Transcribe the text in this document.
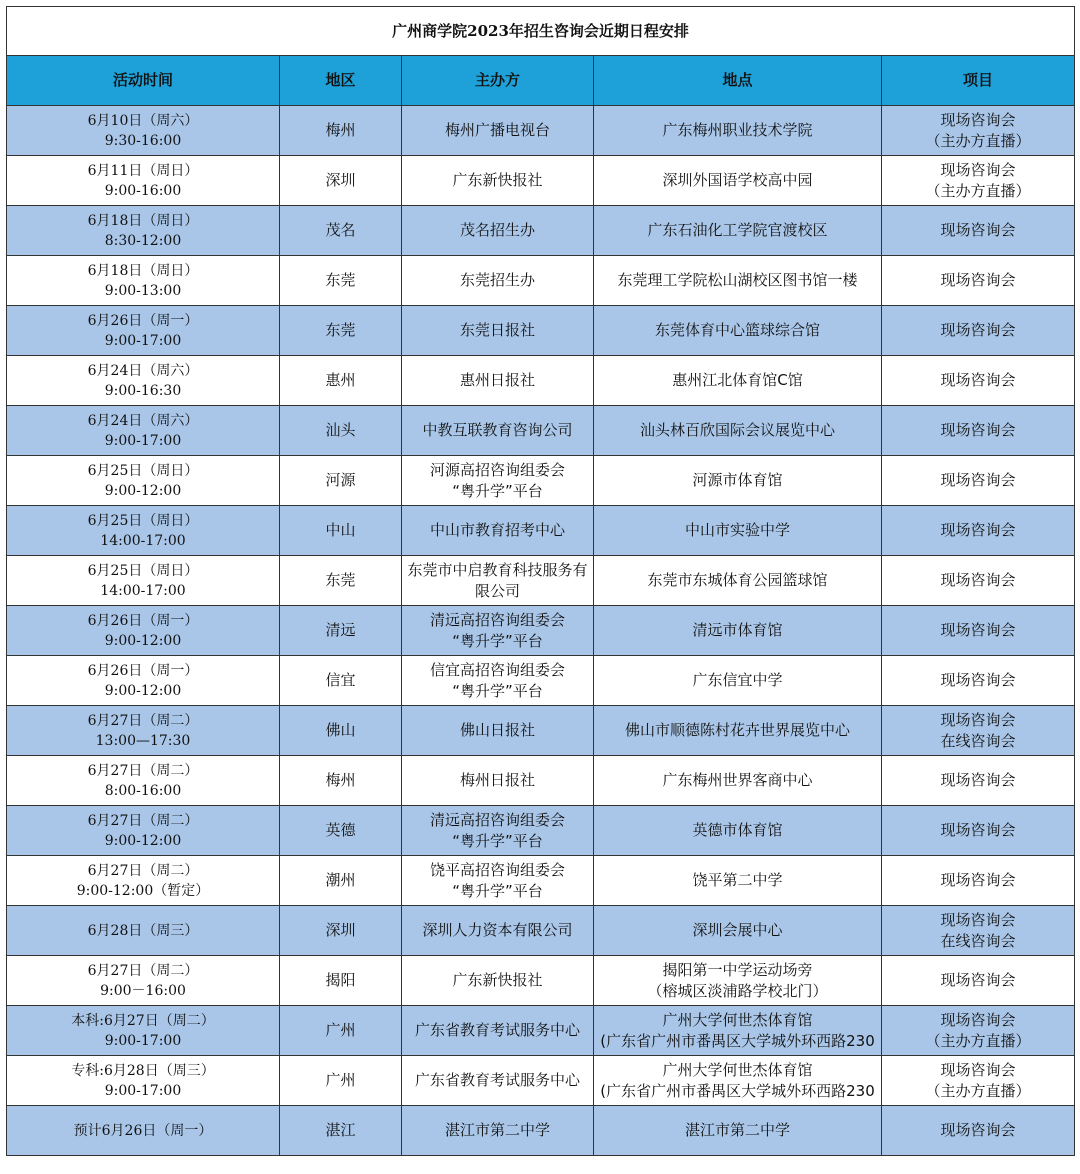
广州商学院2023年招生咨询会近期日程安排				
活动时间	地区	主办方	地点	项目

6月10日（周六）
9:30-16:00	梅州	梅州广播电视台	广东梅州职业技术学院	现场咨询会
（主办方直播）

6月11日（周日）
9:00-16:00	深圳	广东新快报社	深圳外国语学校高中园	现场咨询会
（主办方直播）

6月18日（周日）
8:30-12:00	茂名	茂名招生办	广东石油化工学院官渡校区	现场咨询会

6月18日（周日）
9:00-13:00	东莞	东莞招生办	东莞理工学院松山湖校区图书馆一楼	现场咨询会

6月26日（周一）
9:00-17:00	东莞	东莞日报社	东莞体育中心篮球综合馆	现场咨询会

6月24日（周六）
9:00-16:30	惠州	惠州日报社	惠州江北体育馆C馆	现场咨询会

6月24日（周六）
9:00-17:00	汕头	中教互联教育咨询公司	汕头林百欣国际会议展览中心	现场咨询会

6月25日（周日）
9:00-12:00	河源	河源高招咨询组委会
“粤升学”平台	河源市体育馆	现场咨询会

6月25日（周日）
14:00-17:00	中山	中山市教育招考中心	中山市实验中学	现场咨询会

6月25日（周日）
14:00-17:00	东莞	东莞市中启教育科技服务有
限公司	东莞市东城体育公园篮球馆	现场咨询会

6月26日（周一）
9:00-12:00	清远	清远高招咨询组委会
“粤升学”平台	清远市体育馆	现场咨询会

6月26日（周一）
9:00-12:00	信宜	信宜高招咨询组委会
“粤升学”平台	广东信宜中学	现场咨询会

6月27日（周二）
13:00—17:30	佛山	佛山日报社	佛山市顺德陈村花卉世界展览中心	现场咨询会
在线咨询会

6月27日（周二）
8:00-16:00	梅州	梅州日报社	广东梅州世界客商中心	现场咨询会

6月27日（周二）
9:00-12:00	英德	清远高招咨询组委会
“粤升学”平台	英德市体育馆	现场咨询会

6月27日（周二）
9:00-12:00（暂定）	潮州	饶平高招咨询组委会
“粤升学”平台	饶平第二中学	现场咨询会

6月28日（周三）	深圳	深圳人力资本有限公司	深圳会展中心	现场咨询会
在线咨询会

6月27日（周二）
9:00－16:00	揭阳	广东新快报社	揭阳第一中学运动场旁
（榕城区淡浦路学校北门）	现场咨询会

本科:6月27日（周二）
9:00-17:00	广州	广东省教育考试服务中心	广州大学何世杰体育馆
(广东省广州市番禺区大学城外环西路230	现场咨询会
（主办方直播）

专科:6月28日（周三）
9:00-17:00	广州	广东省教育考试服务中心	广州大学何世杰体育馆
(广东省广州市番禺区大学城外环西路230	现场咨询会
（主办方直播）

预计6月26日（周一）	湛江	湛江市第二中学	湛江市第二中学	现场咨询会
